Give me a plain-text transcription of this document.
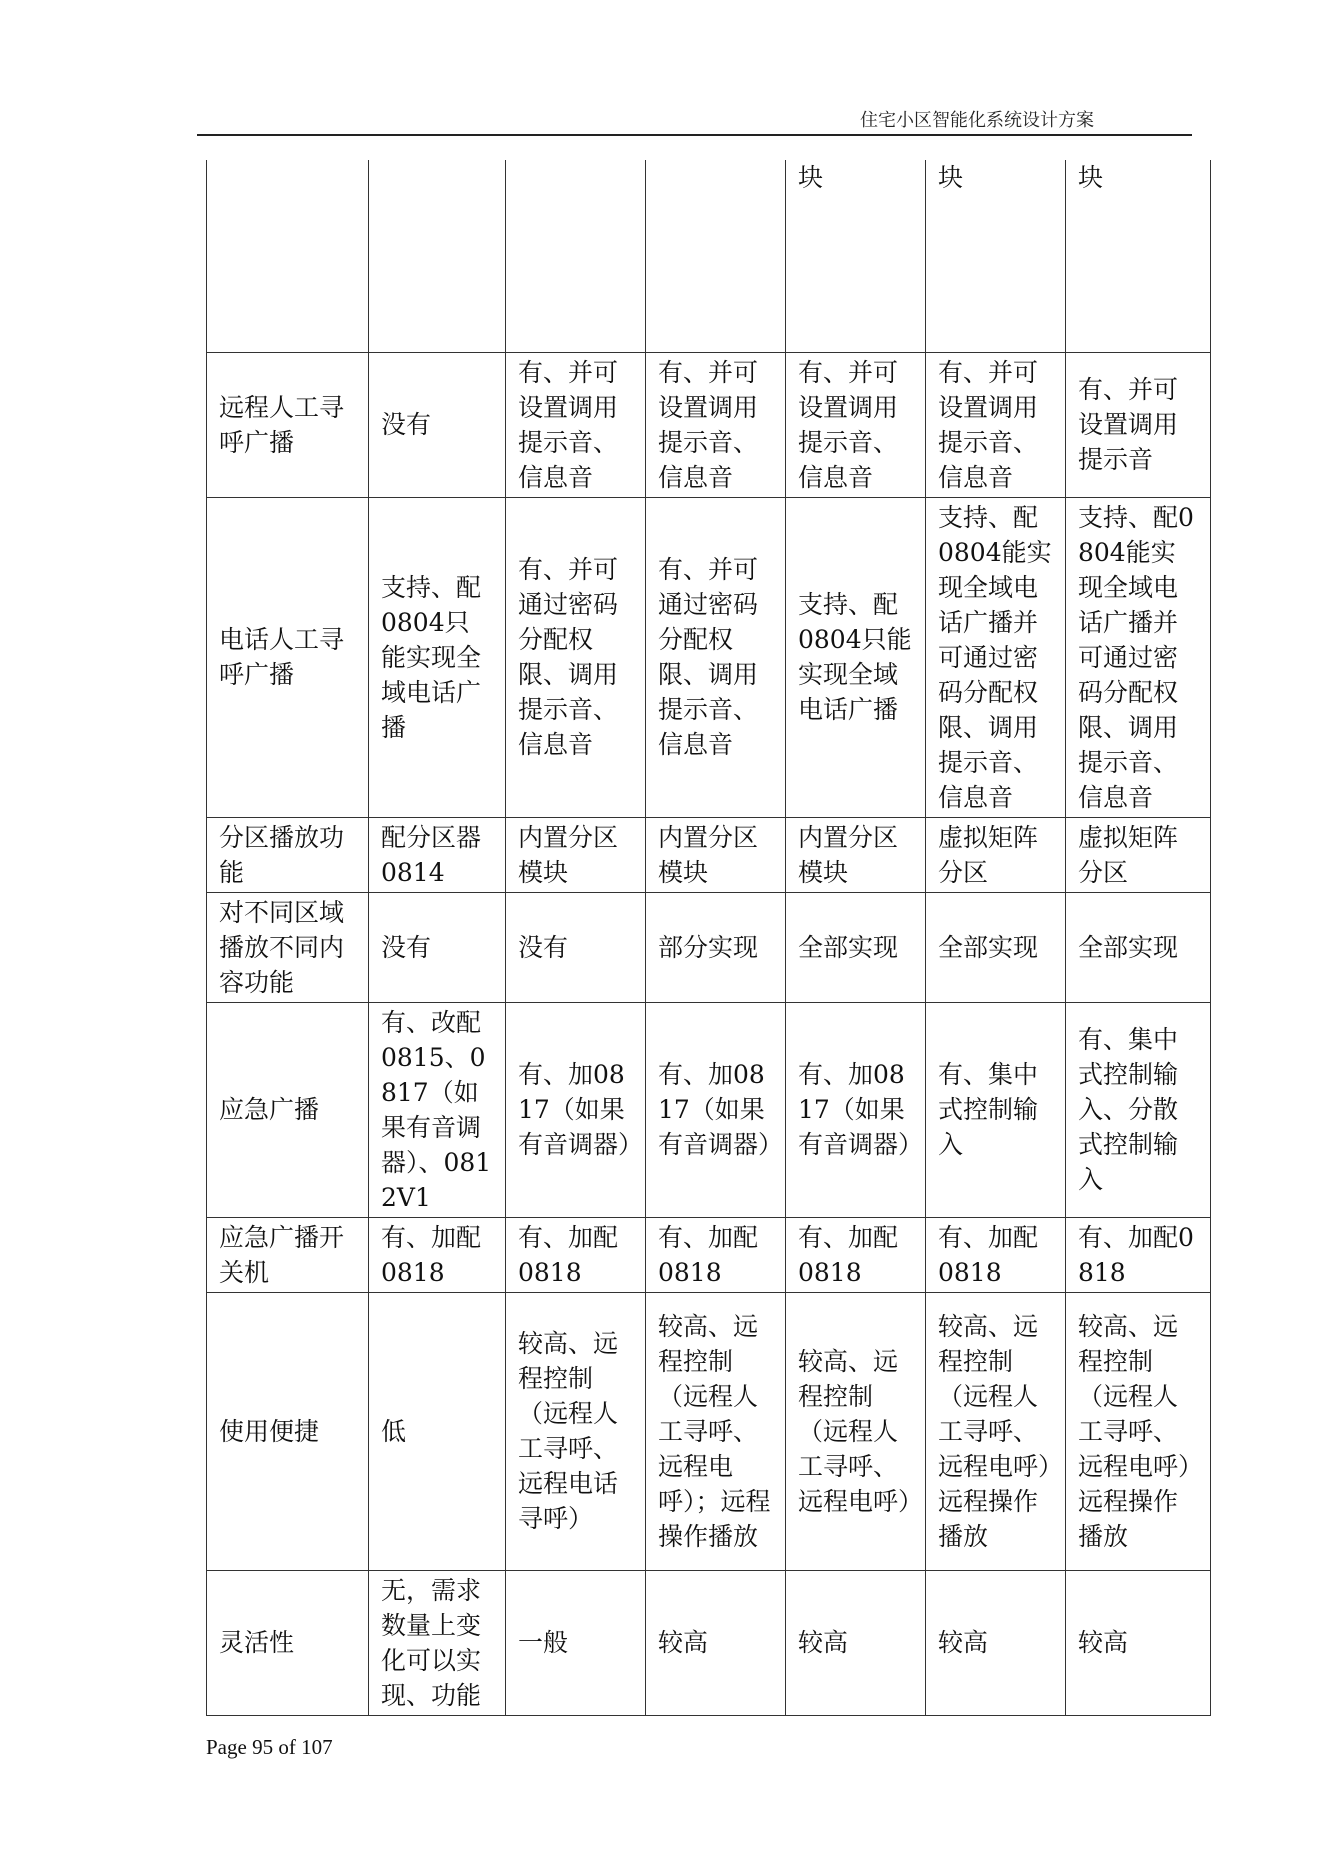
住宅小区智能化系统设计方案
				块	块	块
远程人工寻呼广播	没有	有、并可设置调用提示音、信息音	有、并可设置调用提示音、信息音	有、并可设置调用提示音、信息音	有、并可设置调用提示音、信息音	有、并可设置调用提示音
电话人工寻呼广播	支持、配0804只能实现全域电话广播	有、并可通过密码分配权限、调用提示音、信息音	有、并可通过密码分配权限、调用提示音、信息音	支持、配0804只能实现全域电话广播	支持、配0804能实现全域电话广播并可通过密码分配权限、调用提示音、信息音	支持、配0804能实现全域电话广播并可通过密码分配权限、调用提示音、信息音
分区播放功能	配分区器0814	内置分区模块	内置分区模块	内置分区模块	虚拟矩阵分区	虚拟矩阵分区
对不同区域播放不同内容功能	没有	没有	部分实现	全部实现	全部实现	全部实现
应急广播	有、改配0815、0817（如果有音调器）、0812V1	有、加0817（如果有音调器）	有、加0817（如果有音调器）	有、加0817（如果有音调器）	有、集中式控制输入	有、集中式控制输入、分散式控制输入
应急广播开关机	有、加配0818	有、加配0818	有、加配0818	有、加配0818	有、加配0818	有、加配0818
使用便捷	低	较高、远程控制（远程人工寻呼、远程电话寻呼）	较高、远程控制（远程人工寻呼、远程电呼）；远程操作播放	较高、远程控制（远程人工寻呼、远程电呼）	较高、远程控制（远程人工寻呼、远程电呼）远程操作播放	较高、远程控制（远程人工寻呼、远程电呼）远程操作播放
灵活性	无，需求数量上变化可以实现、功能	一般	较高	较高	较高	较高
Page 95 of 107
